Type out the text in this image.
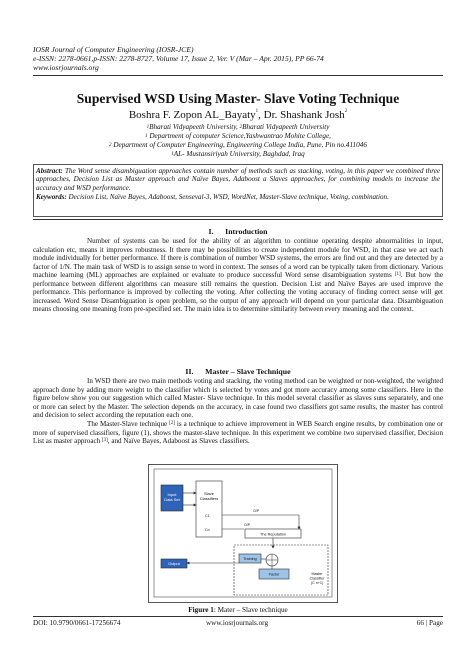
IOSR Journal of Computer Engineering (IOSR-JCE)
e-ISSN: 2278-0661,p-ISSN: 2278-8727, Volume 17, Issue 2, Ver. V (Mar – Apr. 2015), PP 66-74
www.iosrjournals.org
Supervised WSD Using Master- Slave Voting Technique
Boshra F. Zopon AL_Bayaty$^1$, Dr. Shashank Josh$^2$
$^1$Bharati Vidyapeeth University, $^2$Bharati Vidyapeeth University
$^1$ Department of computer Science,Yashwantrao Mohite College,
$^2$ Department of Computer Engineering, Engineering College India, Pune, Pin no.411046
$^1$AL- Mustansiriyah University, Baghdad, Iraq
Abstract: The Word sense disambiguation approaches contain number of methods such as stacking, voting, in this paper we combined three approaches, Decision List as Master approach and Naïve Bayes, Adaboost a Slaves approaches, for combining models to increase the accuracy and WSD performance.
Keywords: Decision List, Naïve Bayes, Adaboost, Senseval-3, WSD, WordNet, Master-Slave technique, Voting, combination.
I. Introduction
Number of systems can be used for the ability of an algorithm to continue operating despite abnormalities in input, calculation etc, means it improves robustness. It there may be possibilities to create independent module for WSD, in that case we act each module individually for better performance. If there is combination of number WSD systems, the errors are find out and they are detected by a factor of 1/N. The main task of WSD is to assign sense to word in context. The senses of a word can be typically taken from dictionary. Various machine learning (ML) approaches are explained or evaluate to produce successful Word sense disambiguation systems [1]. But how the performance between different algorithms can measure still remains the question. Decision List and Naïve Bayes are used improve the performance. This performance is improved by collecting the voting. After collecting the voting accuracy of finding correct sense will get increased. Word Sense Disambiguation is open problem, so the output of any approach will depend on your particular data. Disambiguation means choosing one meaning from pre-specified set. The main idea is to determine similarity between every meaning and the context.
II. Master – Slave Technique
In WSD there are two main methods voting and stacking, the voting method can be weighted or non-weighted, the weighted approach done by adding more weight to the classifier which is selected by votes and got more accuracy among some classifiers. Here in the figure below show you our suggestion which called Master- Slave technique. In this model several classifier as slaves suns separately, and one or more can select by the Master. The selection depends on the accuracy, in case found two classifiers got same results, the master has control and decision to select according the reputation each one.
The Master-Slave technique [2] is a technique to achieve improvement in WEB Search engine results, by combination one or more of supervised classifiers, figure (1), shows the master-slave technique. In this experiment we combine two supervised classifier, Decision List as master approach [3], and Naïve Bayes, Adaboost as Slaves classifiers.
Input Data Set
Slave Classifiers
C1
Cn
O/P
O/P
The Reputation
Training
Factor	Master Classifier (C n+1)
Output
Figure 1: Mater – Slave technique
DOI: 10.9790/0661-17256674	www.iosrjournals.org	66 | Page
